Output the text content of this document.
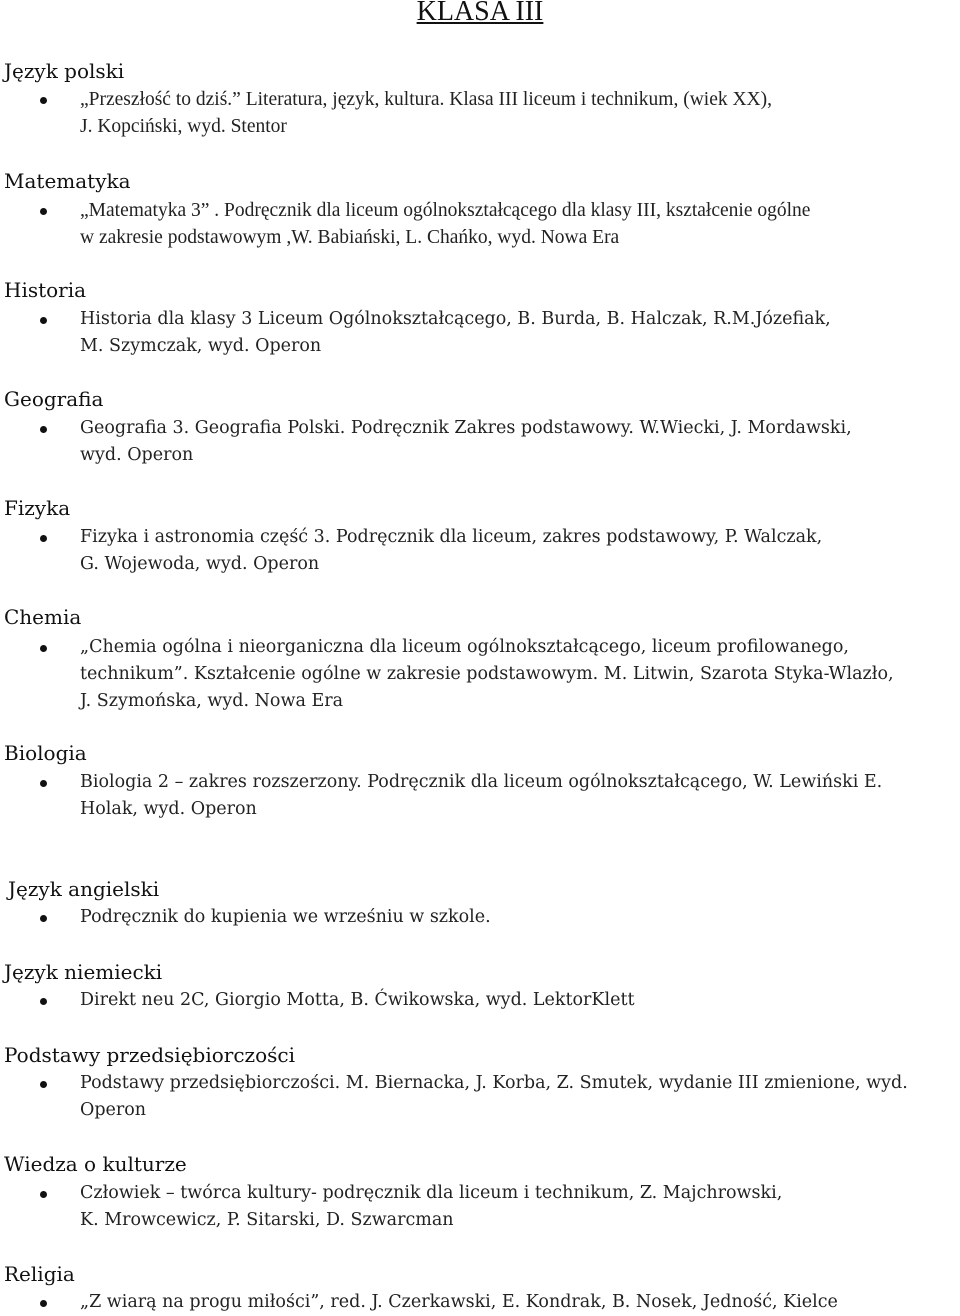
KLASA III
Język polski
„Przeszłość to dziś.” Literatura, język, kultura. Klasa III liceum i technikum, (wiek XX),
J. Kopciński, wyd. Stentor
Matematyka
„Matematyka 3” . Podręcznik dla liceum ogólnokształcącego dla klasy III, kształcenie ogólne
w zakresie podstawowym ,W. Babiański, L. Chańko, wyd. Nowa Era
Historia
Historia dla klasy 3 Liceum Ogólnokształcącego, B. Burda, B. Halczak, R.M.Józefiak,
M. Szymczak, wyd. Operon
Geografia
Geografia 3. Geografia Polski. Podręcznik Zakres podstawowy. W.Wiecki, J. Mordawski,
wyd. Operon
Fizyka
Fizyka i astronomia część 3. Podręcznik dla liceum, zakres podstawowy, P. Walczak,
G. Wojewoda, wyd. Operon
Chemia
„Chemia ogólna i nieorganiczna dla liceum ogólnokształcącego, liceum profilowanego,
technikum”. Kształcenie ogólne w zakresie podstawowym. M. Litwin, Szarota Styka-Wlazło,
J. Szymońska, wyd. Nowa Era
Biologia
Biologia 2 – zakres rozszerzony. Podręcznik dla liceum ogólnokształcącego, W. Lewiński E.
Holak, wyd. Operon
Język angielski
Podręcznik do kupienia we wrześniu w szkole.
Język niemiecki
Direkt neu 2C, Giorgio Motta, B. Ćwikowska, wyd. LektorKlett
Podstawy przedsiębiorczości
Podstawy przedsiębiorczości. M. Biernacka, J. Korba, Z. Smutek, wydanie III zmienione, wyd.
Operon
Wiedza o kulturze
Człowiek – twórca kultury- podręcznik dla liceum i technikum, Z. Majchrowski,
K. Mrowcewicz, P. Sitarski, D. Szwarcman
Religia
„Z wiarą na progu miłości”, red. J. Czerkawski, E. Kondrak, B. Nosek, Jedność, Kielce
